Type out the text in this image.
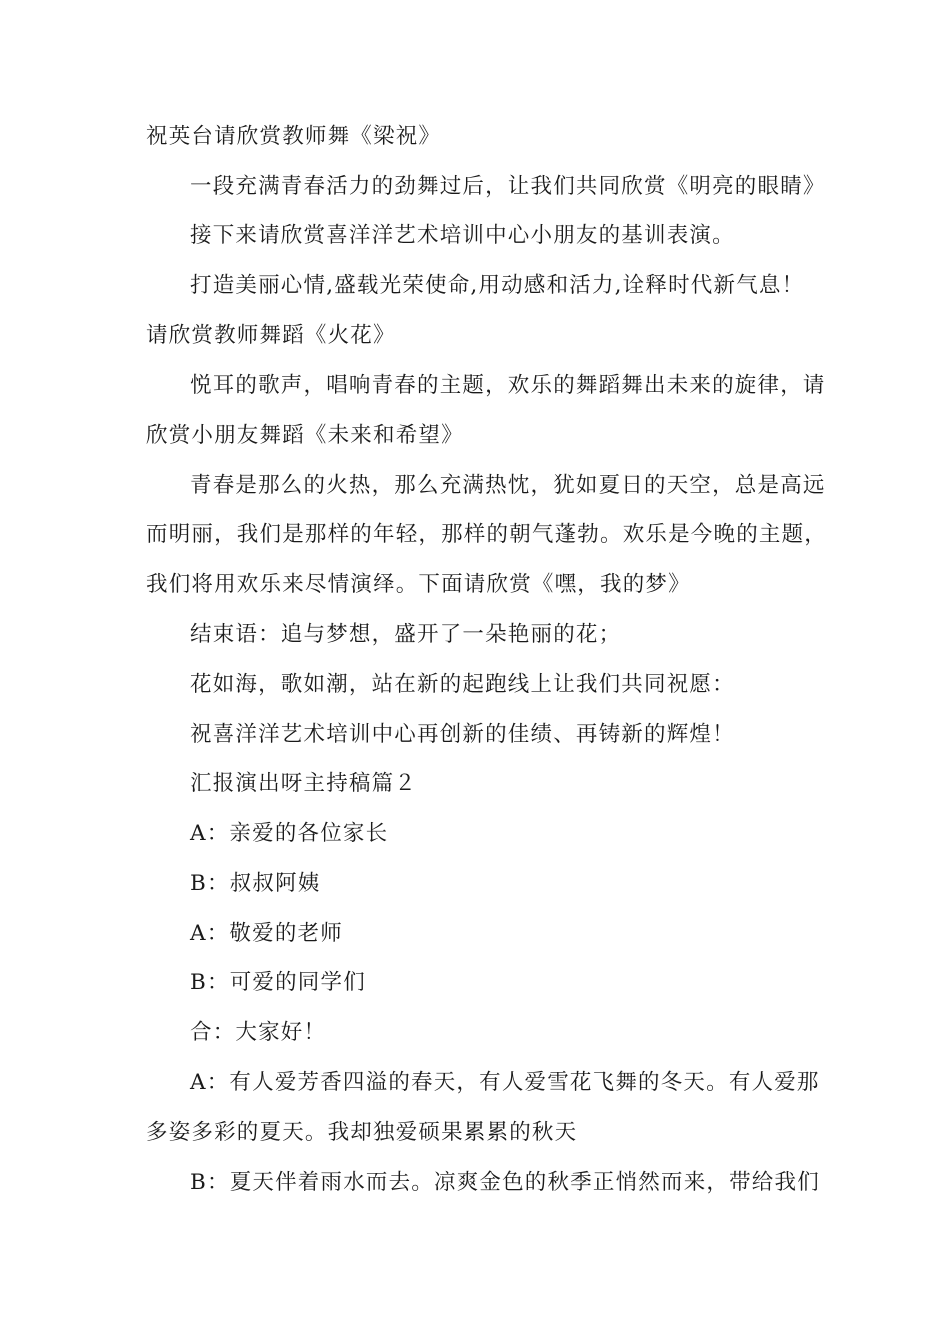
祝英台请欣赏教师舞《梁祝》
一段充满青春活力的劲舞过后，让我们共同欣赏《明亮的眼睛》
接下来请欣赏喜洋洋艺术培训中心小朋友的基训表演。
打造美丽心情,盛载光荣使命,用动感和活力,诠释时代新气息！
请欣赏教师舞蹈《火花》
悦耳的歌声，唱响青春的主题，欢乐的舞蹈舞出未来的旋律，请
欣赏小朋友舞蹈《未来和希望》
青春是那么的火热，那么充满热忱，犹如夏日的天空，总是高远
而明丽，我们是那样的年轻，那样的朝气蓬勃。欢乐是今晚的主题，
我们将用欢乐来尽情演绎。下面请欣赏《嘿，我的梦》
结束语：追与梦想，盛开了一朵艳丽的花；
花如海，歌如潮，站在新的起跑线上让我们共同祝愿：
祝喜洋洋艺术培训中心再创新的佳绩、再铸新的辉煌！
汇报演出呀主持稿篇２
A：亲爱的各位家长
B：叔叔阿姨
A：敬爱的老师
B：可爱的同学们
合：大家好！
A：有人爱芳香四溢的春天，有人爱雪花飞舞的冬天。有人爱那
多姿多彩的夏天。我却独爱硕果累累的秋天
B：夏天伴着雨水而去。凉爽金色的秋季正悄然而来，带给我们
